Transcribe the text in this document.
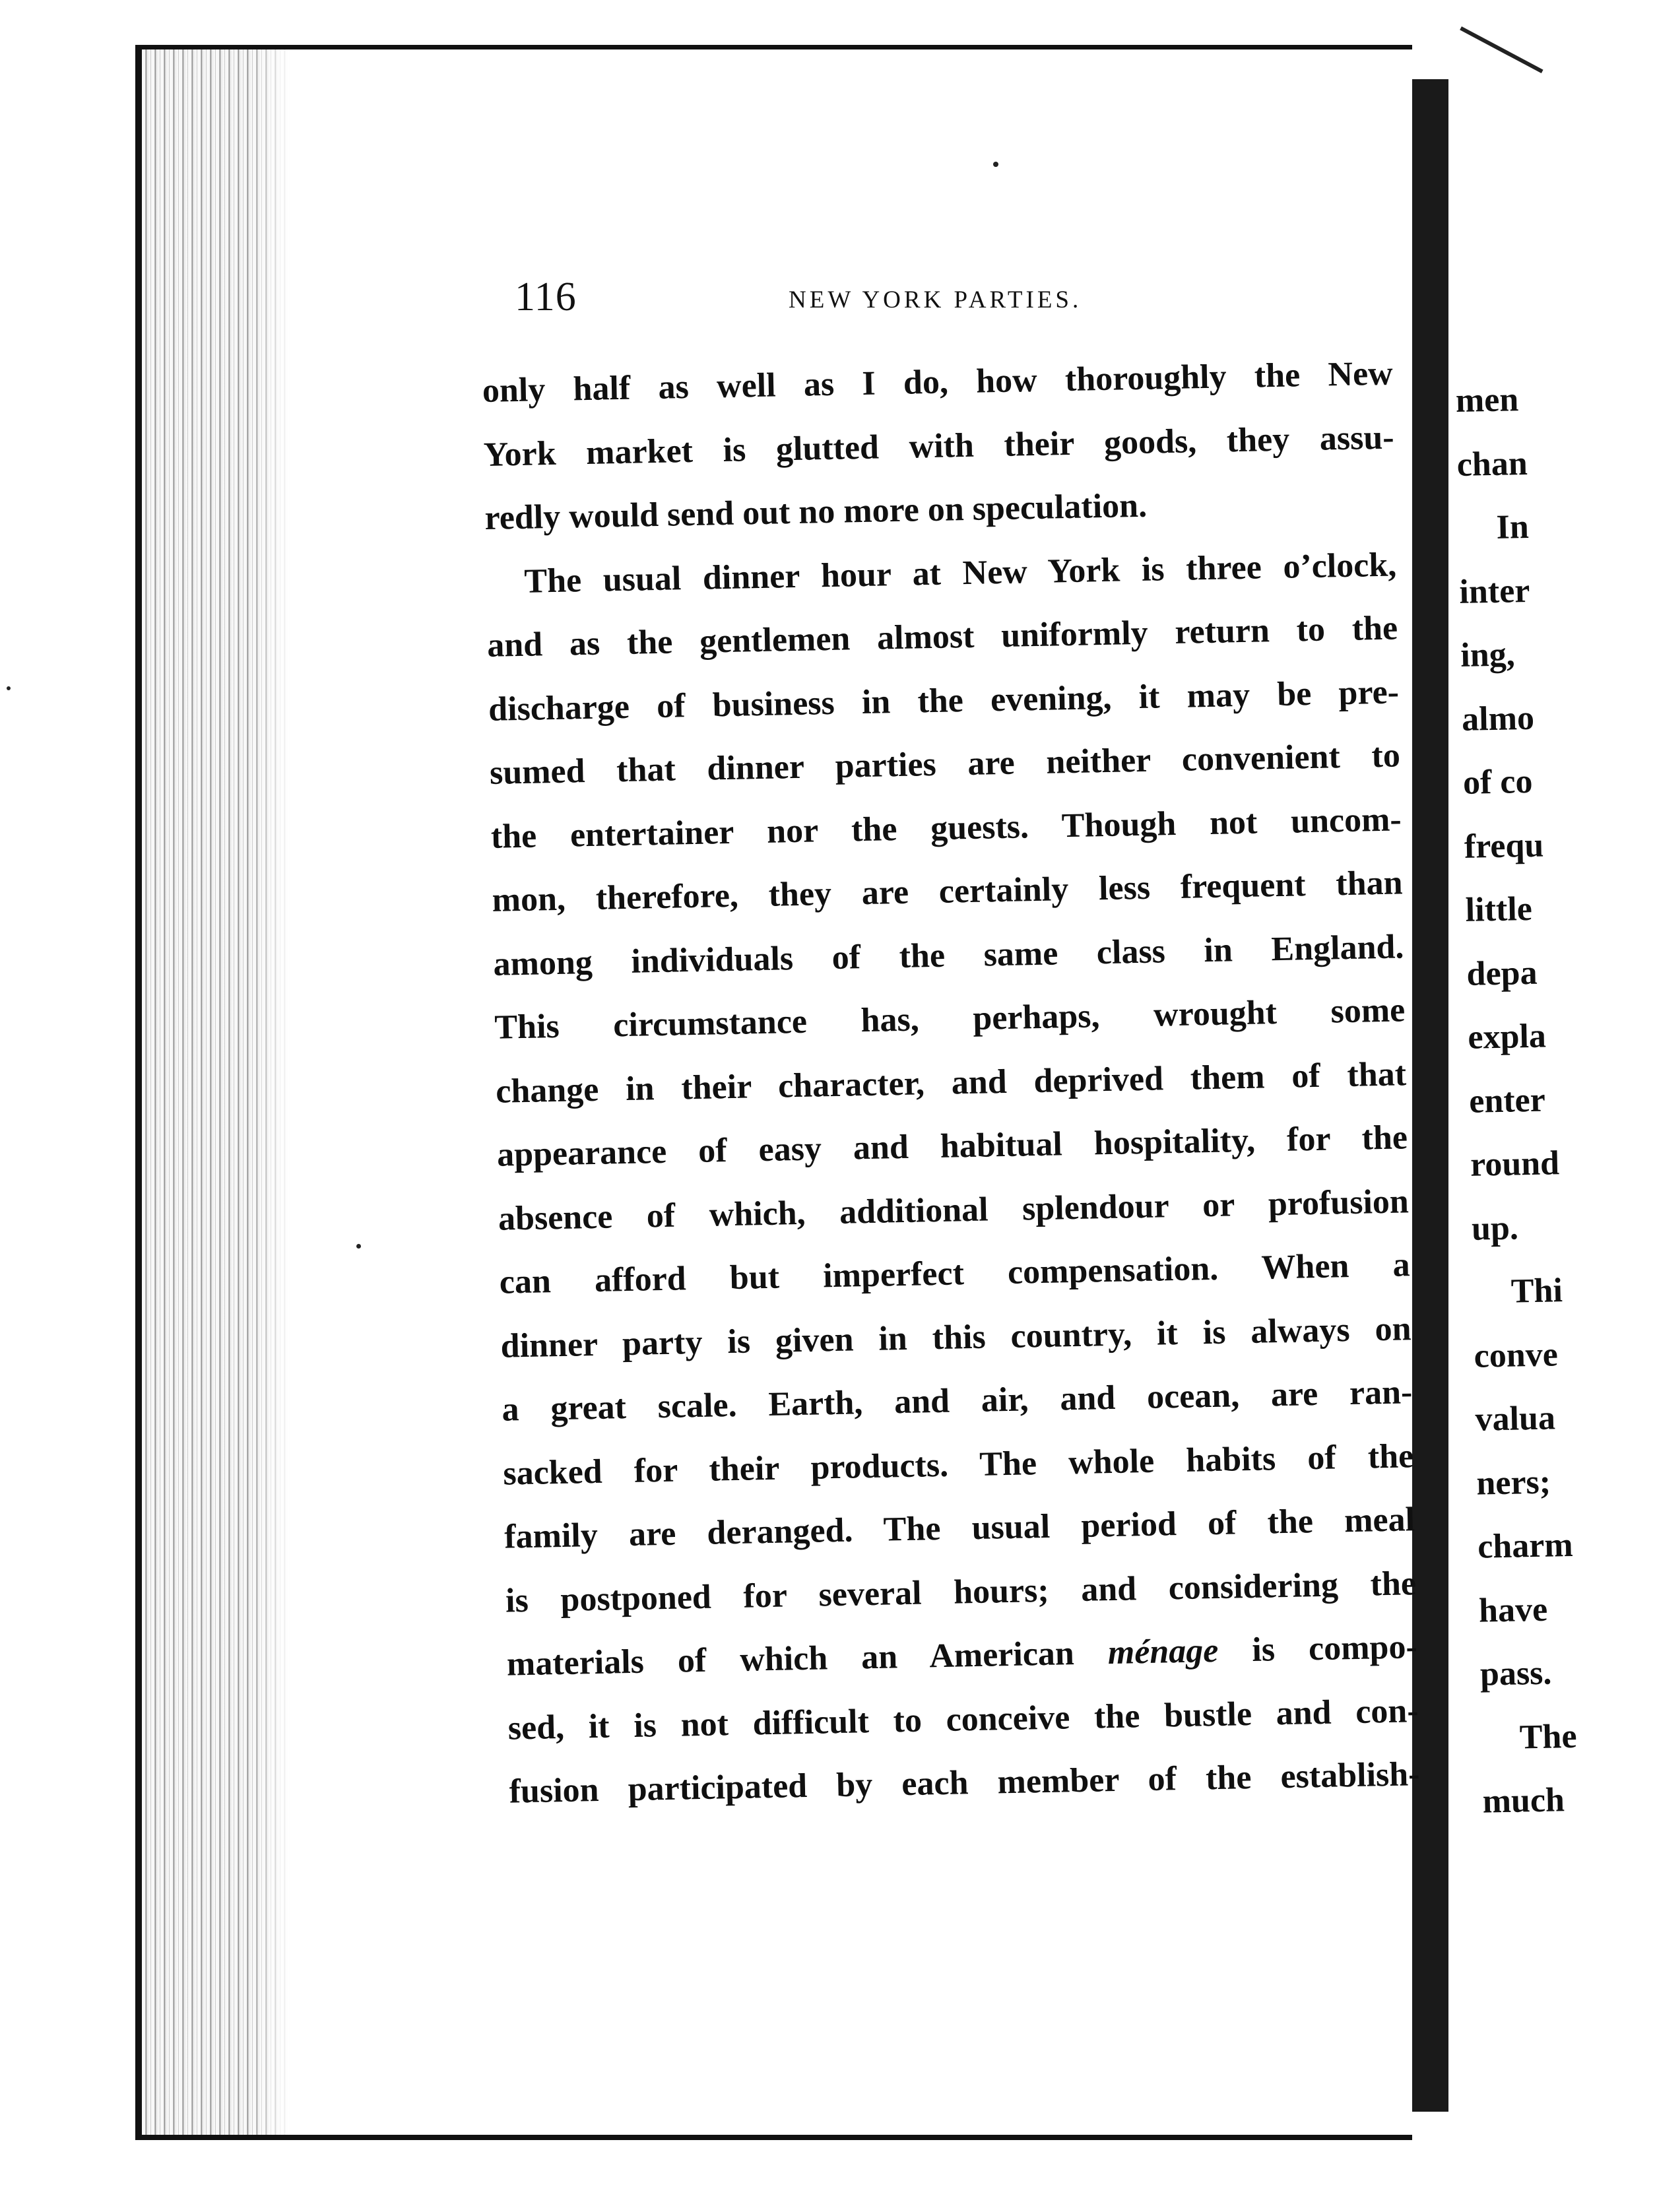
116	NEW YORK PARTIES.
only half as well as I do, how thoroughly the New
York market is glutted with their goods, they assu-
redly would send out no more on speculation.
The usual dinner hour at New York is three o’clock,
and as the gentlemen almost uniformly return to the
discharge of business in the evening, it may be pre-
sumed that dinner parties are neither convenient to
the entertainer nor the guests. Though not uncom-
mon, therefore, they are certainly less frequent than
among individuals of the same class in England.
This circumstance has, perhaps, wrought some
change in their character, and deprived them of that
appearance of easy and habitual hospitality, for the
absence of which, additional splendour or profusion
can afford but imperfect compensation. When a
dinner party is given in this country, it is always on
a great scale. Earth, and air, and ocean, are ran-
sacked for their products. The whole habits of the
family are deranged. The usual period of the meal
is postponed for several hours; and considering the
materials of which an American ménage is compo-
sed, it is not difficult to conceive the bustle and con-
fusion participated by each member of the establish-
men
chan
In
inter
ing,
almo
of co
frequ
little
depa
expla
enter
round
up.
Thi
conve
valua
ners;
charm
have
pass.
The
much
